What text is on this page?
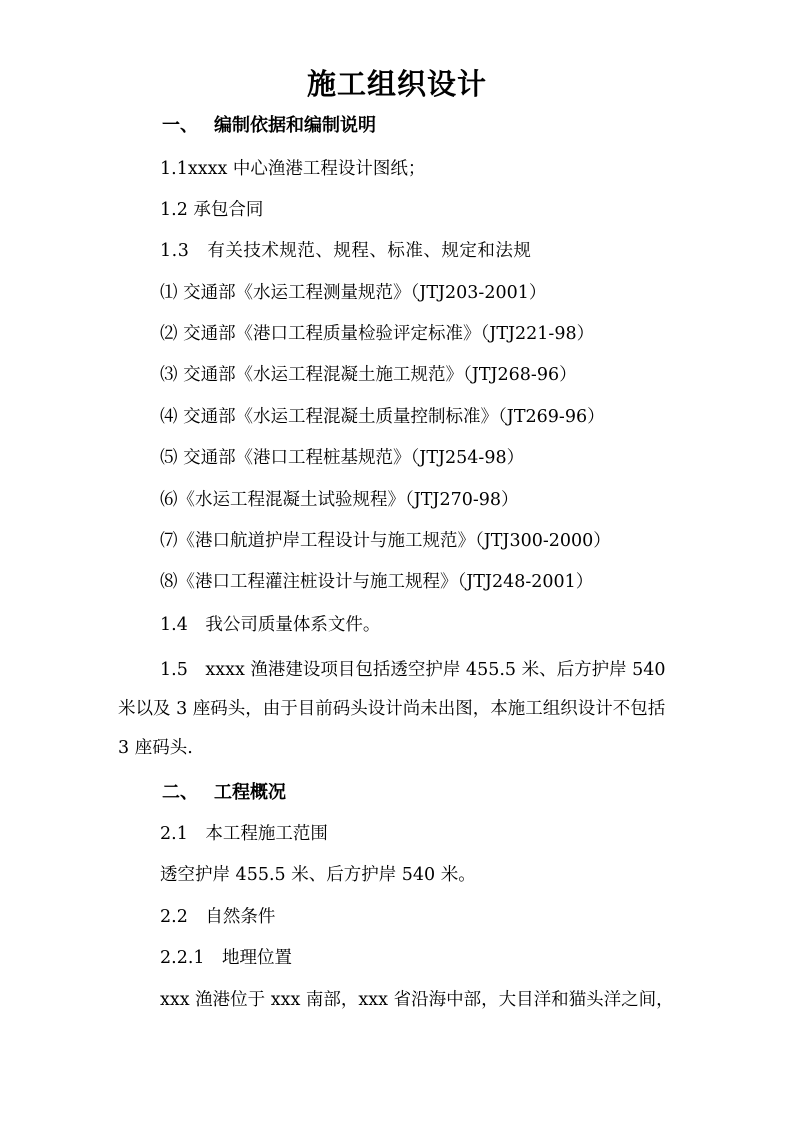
施工组织设计
一、 编制依据和编制说明
1.1xxxx 中心渔港工程设计图纸；
1.2 承包合同
1.3　有关技术规范、规程、标准、规定和法规
⑴ 交通部《水运工程测量规范》（JTJ203-2001）
⑵ 交通部《港口工程质量检验评定标准》（JTJ221-98）
⑶ 交通部《水运工程混凝土施工规范》（JTJ268-96）
⑷ 交通部《水运工程混凝土质量控制标准》（JT269-96）
⑸ 交通部《港口工程桩基规范》（JTJ254-98）
⑹《水运工程混凝土试验规程》（JTJ270-98）
⑺《港口航道护岸工程设计与施工规范》（JTJ300-2000）
⑻《港口工程灌注桩设计与施工规程》（JTJ248-2001）
1.4　我公司质量体系文件。

1.5　xxxx 渔港建设项目包括透空护岸 455.5 米、后方护岸 540 米以及 3 座码头，由于目前码头设计尚未出图，本施工组织设计不包括 3 座码头.

二、 工程概况
2.1　本工程施工范围
透空护岸 455.5 米、后方护岸 540 米。
2.2　自然条件
2.2.1　地理位置
xxx 渔港位于 xxx 南部，xxx 省沿海中部，大目洋和猫头洋之间，
